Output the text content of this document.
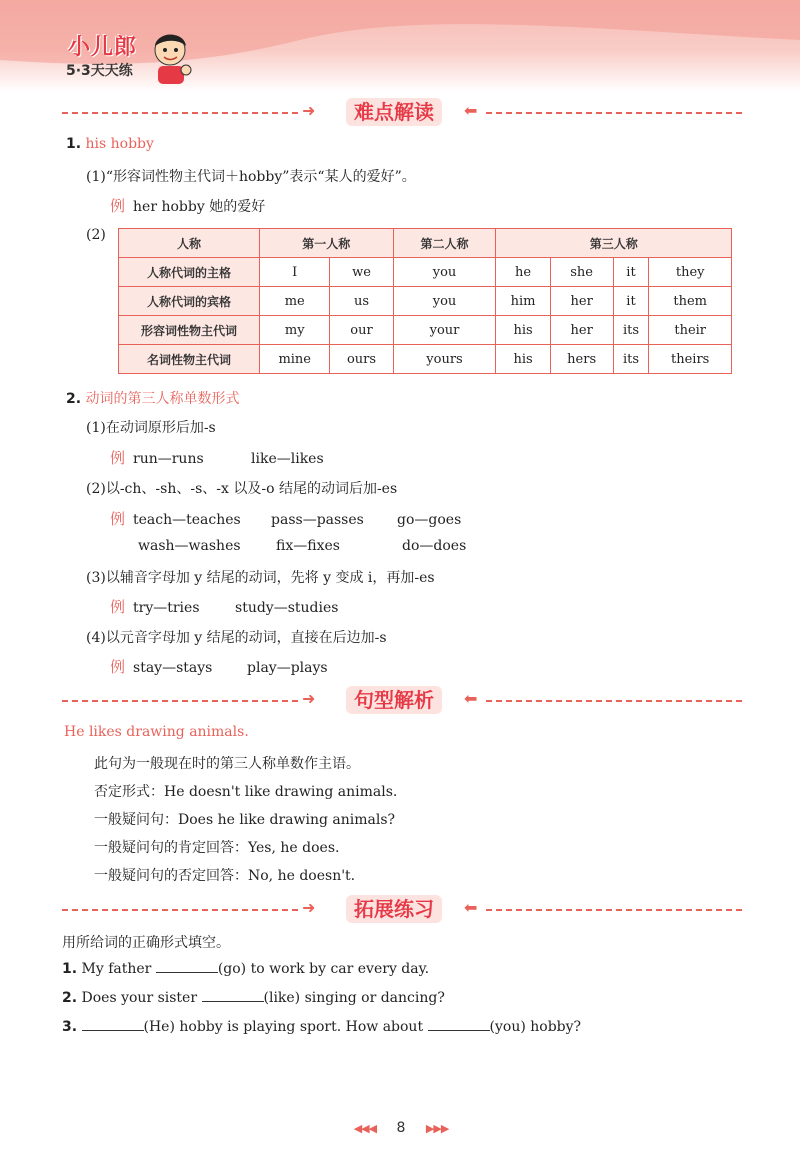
小儿郎
5·3天天练
➜	难点解读	⬅
1. his hobby
(1)“形容词性物主代词＋hobby”表示“某人的爱好”。
例 her hobby 她的爱好
(2)
人称	第一人称		第二人称	第三人称			
人称代词的主格	I	we	you	he	she	it	they
人称代词的宾格	me	us	you	him	her	it	them
形容词性物主代词	my	our	your	his	her	its	their
名词性物主代词	mine	ours	yours	his	hers	its	theirs
2. 动词的第三人称单数形式
(1)在动词原形后加-s
例 run—runs	like—likes
(2)以-ch、-sh、-s、-x 以及-o 结尾的动词后加-es
例 teach—teaches pass—passes go—goes
wash—washes	fix—fixes	do—does
(3)以辅音字母加 y 结尾的动词，先将 y 变成 i，再加-es
例 try—tries	study—studies
(4)以元音字母加 y 结尾的动词，直接在后边加-s
例 stay—stays play—plays
➜	句型解析	⬅
He likes drawing animals.
此句为一般现在时的第三人称单数作主语。
否定形式：He doesn't like drawing animals.
一般疑问句：Does he like drawing animals?
一般疑问句的肯定回答：Yes, he does.
一般疑问句的否定回答：No, he doesn't.
➜	拓展练习	⬅
用所给词的正确形式填空。
1. My father	(go) to work by car every day.
2. Does your sister	(like) singing or dancing?
3.	(He) hobby is playing sport. How about	(you) hobby?
◀◀◀ 8 ▶▶▶
